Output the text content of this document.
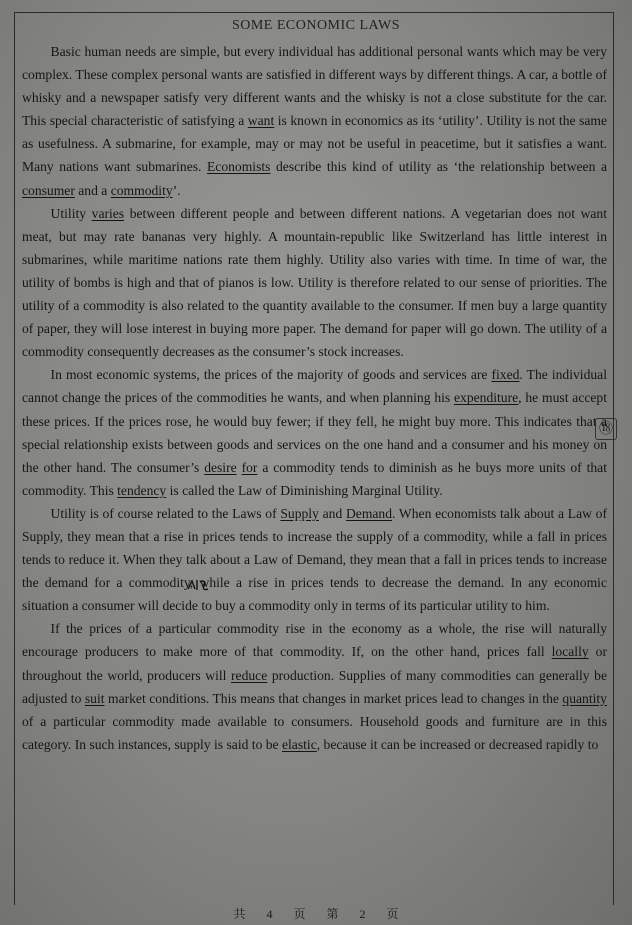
SOME ECONOMIC LAWS

Basic human needs are simple, but every individual has additional personal wants which may be very complex. These complex personal wants are satisfied in different ways by different things. A car, a bottle of whisky and a newspaper satisfy very different wants and the whisky is not a close substitute for the car. This special characteristic of satisfying a want is known in economics as its ‘utility’. Utility is not the same as usefulness. A submarine, for example, may or may not be useful in peacetime, but it satisfies a want. Many nations want submarines. Economists describe this kind of utility as ‘the relationship between a consumer and a commodity’.

Utility varies between different people and between different nations. A vegetarian does not want meat, but may rate bananas very highly. A mountain-republic like Switzerland has little interest in submarines, while maritime nations rate them highly. Utility also varies with time. In time of war, the utility of bombs is high and that of pianos is low. Utility is therefore related to our sense of priorities. The utility of a commodity is also related to the quantity available to the consumer. If men buy a large quantity of paper, they will lose interest in buying more paper. The demand for paper will go down. The utility of a commodity consequently decreases as the consumer’s stock increases.

In most economic systems, the prices of the majority of goods and services are fixed. The individual cannot change the prices of the commodities he wants, and when planning his expenditure, he must accept these prices. If the prices rose, he would buy fewer; if they fell, he might buy more. This indicates that a special relationship exists between goods and services on the one hand and a consumer and his money on the other hand. The consumer’s desire for a commodity tends to diminish as he buys more units of that commodity. This tendency is called the Law of Diminishing Marginal Utility.

Utility is of course related to the Laws of Supply and Demand. When economists talk about a Law of Supply, they mean that a rise in prices tends to increase the supply of a commodity, while a fall in prices tends to reduce it. When they talk about a Law of Demand, they mean that a fall in prices tends to increase the demand for a commodity, while a rise in prices tends to decrease the demand. In any economic situation a consumer will decide to buy a commodity only in terms of its particular utility to him.

If the prices of a particular commodity rise in the economy as a whole, the rise will naturally encourage producers to make more of that commodity. If, on the other hand, prices fall locally or throughout the world, producers will reduce production. Supplies of many commodities can generally be adjusted to suit market conditions. This means that changes in market prices lead to changes in the quantity of a particular commodity made available to consumers. Household goods and furniture are in this category. In such instances, supply is said to be elastic, because it can be increased or decreased rapidly to

⑱
共 4 页 第 2 页
